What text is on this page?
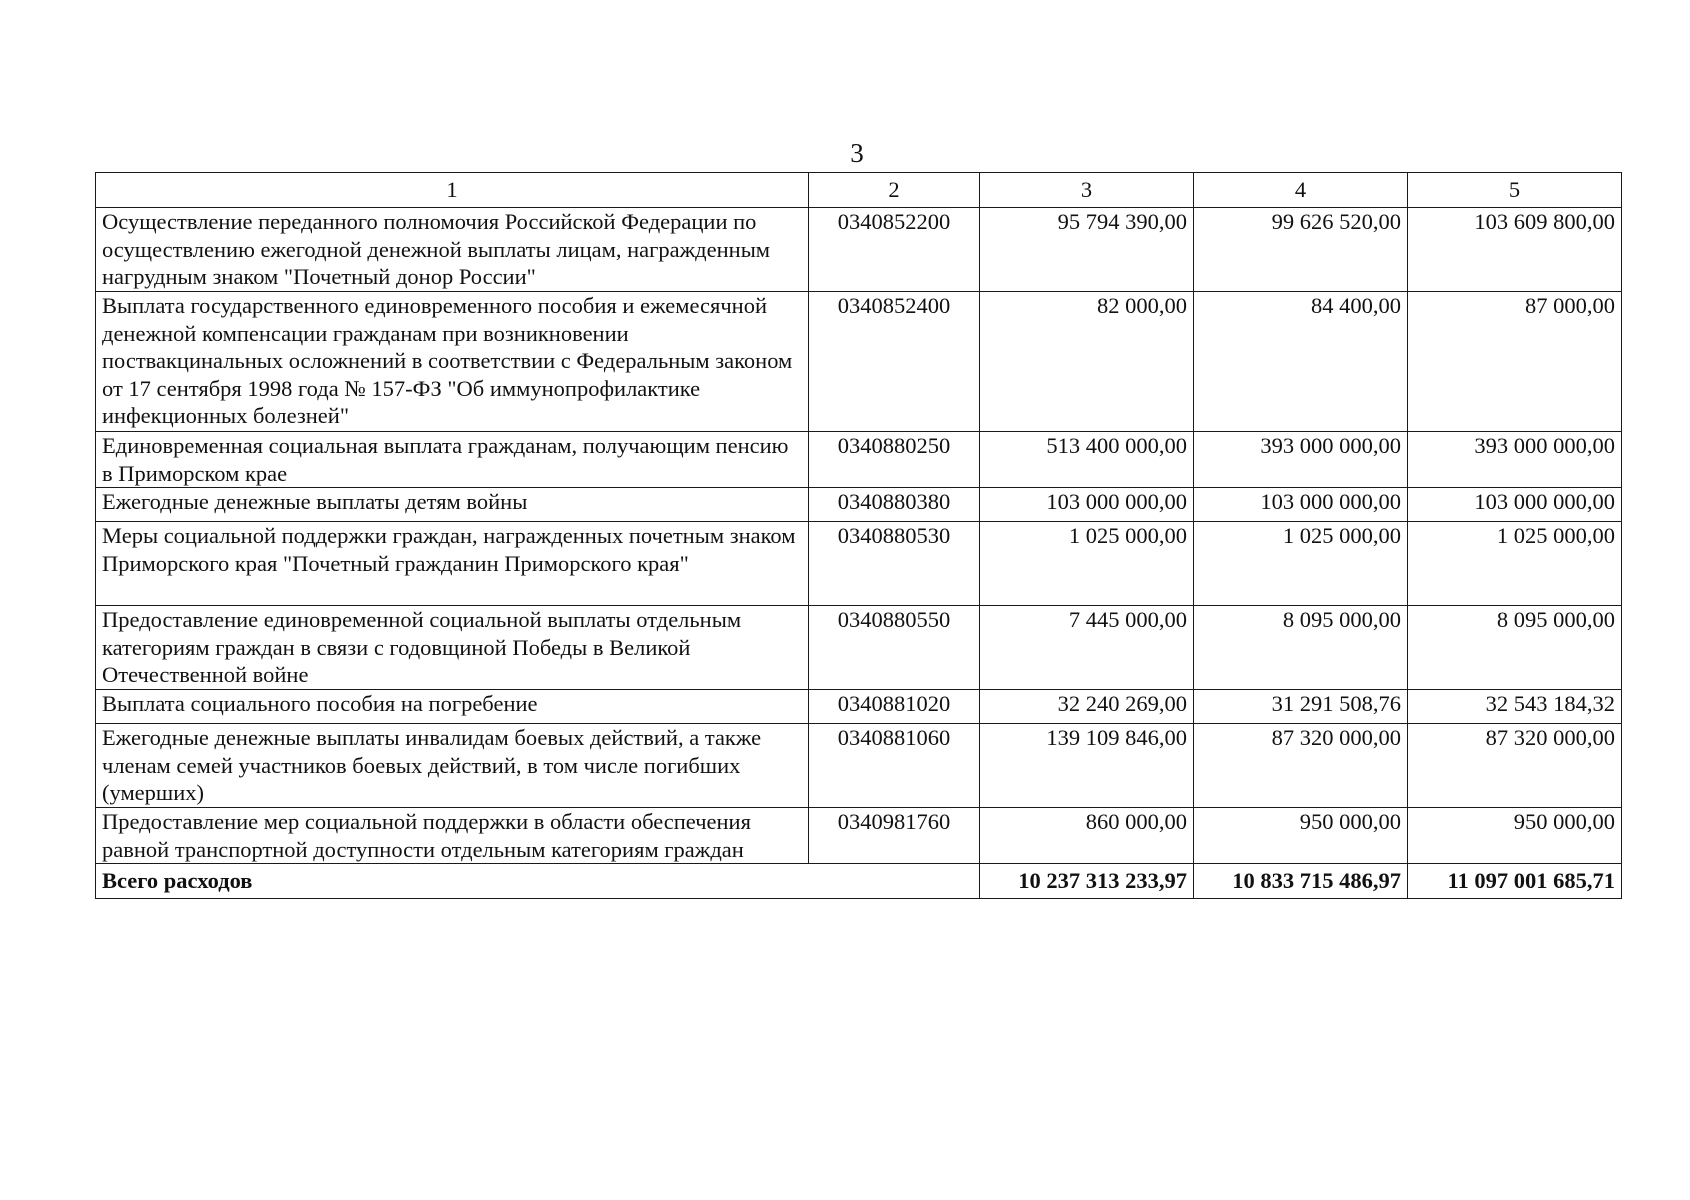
3
1	2	3	4	5
Осуществление переданного полномочия Российской Федерации по осуществлению ежегодной денежной выплаты лицам, награжденным нагрудным знаком "Почетный донор России"	0340852200	95 794 390,00	99 626 520,00	103 609 800,00
Выплата государственного единовременного пособия и ежемесячной денежной компенсации гражданам при возникновении поствакцинальных осложнений в соответствии с Федеральным законом от 17 сентября 1998 года № 157-ФЗ "Об иммунопрофилактике инфекционных болезней"	0340852400	82 000,00	84 400,00	87 000,00
Единовременная социальная выплата гражданам, получающим пенсию в Приморском крае	0340880250	513 400 000,00	393 000 000,00	393 000 000,00
Ежегодные денежные выплаты детям войны	0340880380	103 000 000,00	103 000 000,00	103 000 000,00
Меры социальной поддержки граждан, награжденных почетным знаком Приморского края "Почетный гражданин Приморского края"	0340880530	1 025 000,00	1 025 000,00	1 025 000,00
Предоставление единовременной социальной выплаты отдельным категориям граждан в связи с годовщиной Победы в Великой Отечественной войне	0340880550	7 445 000,00	8 095 000,00	8 095 000,00
Выплата социального пособия на погребение	0340881020	32 240 269,00	31 291 508,76	32 543 184,32
Ежегодные денежные выплаты инвалидам боевых действий, а также членам семей участников боевых действий, в том числе погибших (умерших)	0340881060	139 109 846,00	87 320 000,00	87 320 000,00
Предоставление мер социальной поддержки в области обеспечения равной транспортной доступности отдельным категориям граждан	0340981760	860 000,00	950 000,00	950 000,00
Всего расходов		10 237 313 233,97	10 833 715 486,97	11 097 001 685,71
